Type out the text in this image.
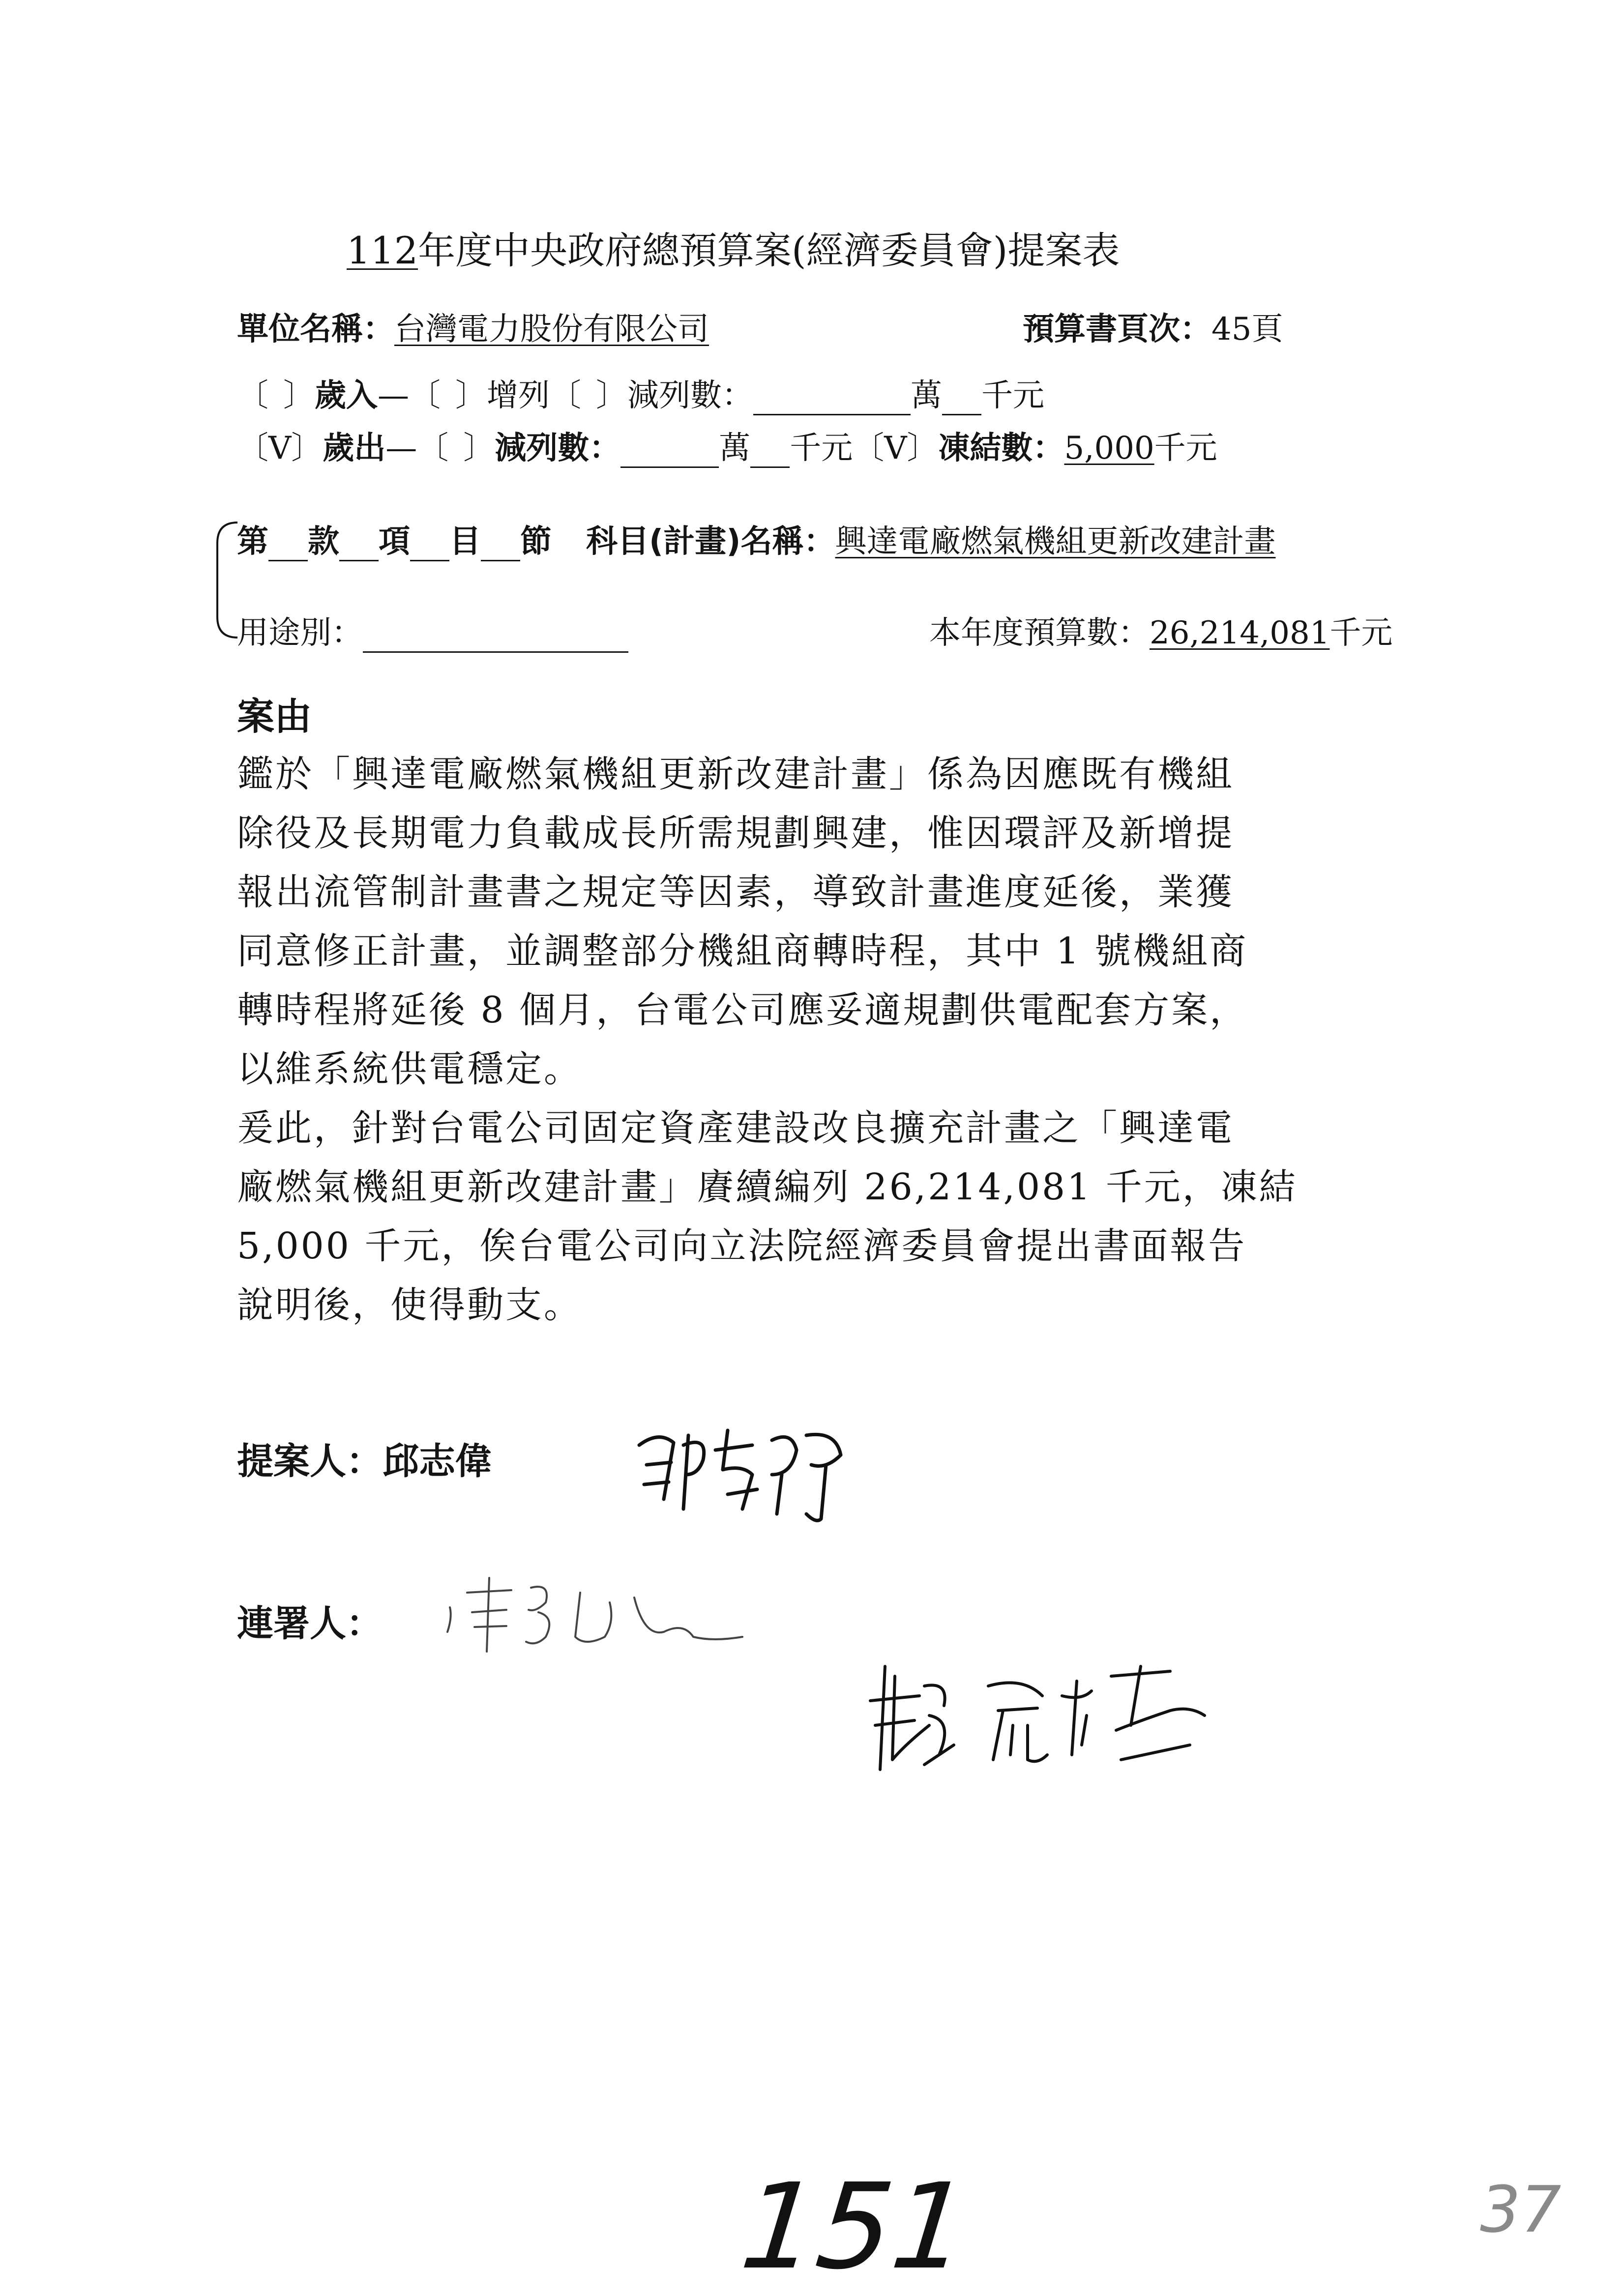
112年度中央政府總預算案(經濟委員會)提案表
單位名稱：台灣電力股份有限公司	預算書頁次：45頁
〔 〕歲入—〔 〕增列〔 〕減列數：	萬 千元
〔V〕歲出—〔 〕減列數：	萬 千元〔V〕凍結數：5,000千元
第 款 項 目 節 科目(計畫)名稱：興達電廠燃氣機組更新改建計畫
用途別：	本年度預算數：26,214,081千元
案由
鑑於「興達電廠燃氣機組更新改建計畫」係為因應既有機組
除役及長期電力負載成長所需規劃興建，惟因環評及新增提
報出流管制計畫書之規定等因素，導致計畫進度延後，業獲
同意修正計畫，並調整部分機組商轉時程，其中 1 號機組商
轉時程將延後 8 個月，台電公司應妥適規劃供電配套方案，
以維系統供電穩定。
爰此，針對台電公司固定資產建設改良擴充計畫之「興達電
廠燃氣機組更新改建計畫」賡續編列 26,214,081 千元，凍結
5,000 千元，俟台電公司向立法院經濟委員會提出書面報告
說明後，使得動支。
提案人：邱志偉
連署人：
151	37
